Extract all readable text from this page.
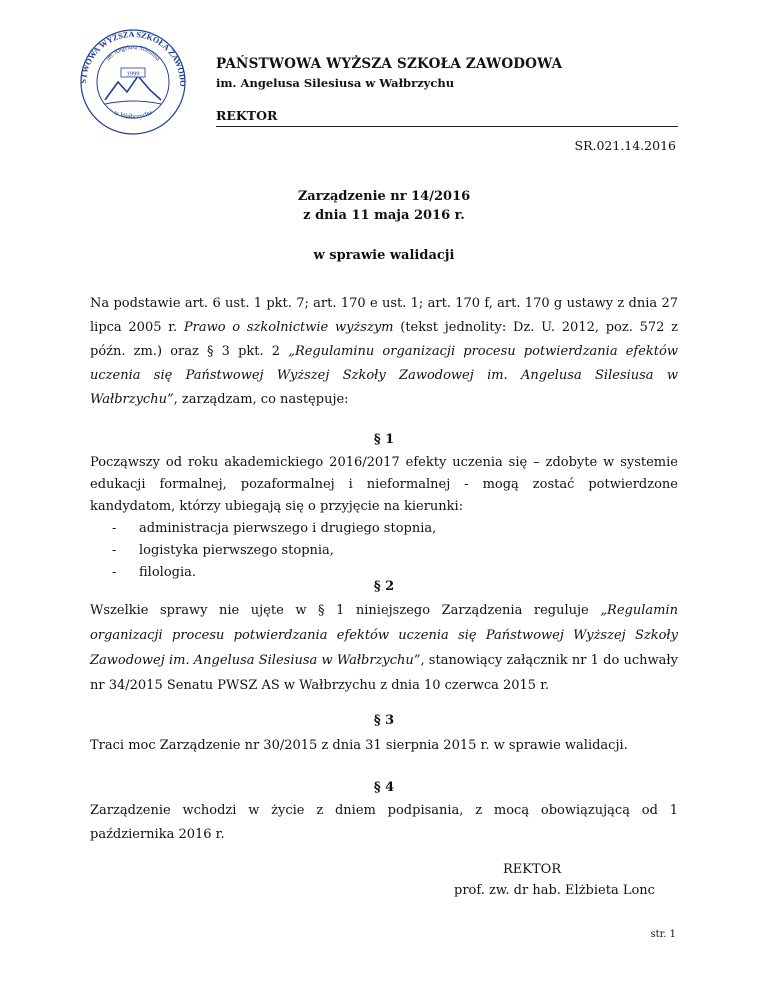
STWOWA WYŻSZA SZKOŁA ZAWODO
im. Angelusa Silesiusa
w Wałbrzychu
1999
PAŃSTWOWA WYŻSZA SZKOŁA ZAWODOWA
im. Angelusa Silesiusa w Wałbrzychu
REKTOR
SR.021.14.2016
Zarządzenie nr 14/2016
z dnia 11 maja 2016 r.
w sprawie walidacji
Na podstawie art. 6 ust. 1 pkt. 7; art. 170 e ust. 1; art. 170 f, art. 170 g ustawy z dnia 27 lipca 2005 r. Prawo o szkolnictwie wyższym (tekst jednolity: Dz. U. 2012, poz. 572 z późn. zm.) oraz § 3 pkt. 2 „Regulaminu organizacji procesu potwierdzania efektów uczenia się Państwowej Wyższej Szkoły Zawodowej im. Angelusa Silesiusa w Wałbrzychu”, zarządzam, co następuje:
§ 1
Począwszy od roku akademickiego 2016/2017 efekty uczenia się – zdobyte w systemie edukacji formalnej, pozaformalnej i nieformalnej - mogą zostać potwierdzone kandydatom, którzy ubiegają się o przyjęcie na kierunki:
- administracja pierwszego i drugiego stopnia,
- logistyka pierwszego stopnia,
- filologia.
§ 2
Wszelkie sprawy nie ujęte w § 1 niniejszego Zarządzenia reguluje „Regulamin organizacji procesu potwierdzania efektów uczenia się Państwowej Wyższej Szkoły Zawodowej im. Angelusa Silesiusa w Wałbrzychu”, stanowiący załącznik nr 1 do uchwały nr 34/2015 Senatu PWSZ AS w Wałbrzychu z dnia 10 czerwca 2015 r.
§ 3
Traci moc Zarządzenie nr 30/2015 z dnia 31 sierpnia 2015 r. w sprawie walidacji.
§ 4
Zarządzenie wchodzi w życie z dniem podpisania, z mocą obowiązującą od 1 października 2016 r.
REKTOR
prof. zw. dr hab. Elżbieta Lonc
str. 1
